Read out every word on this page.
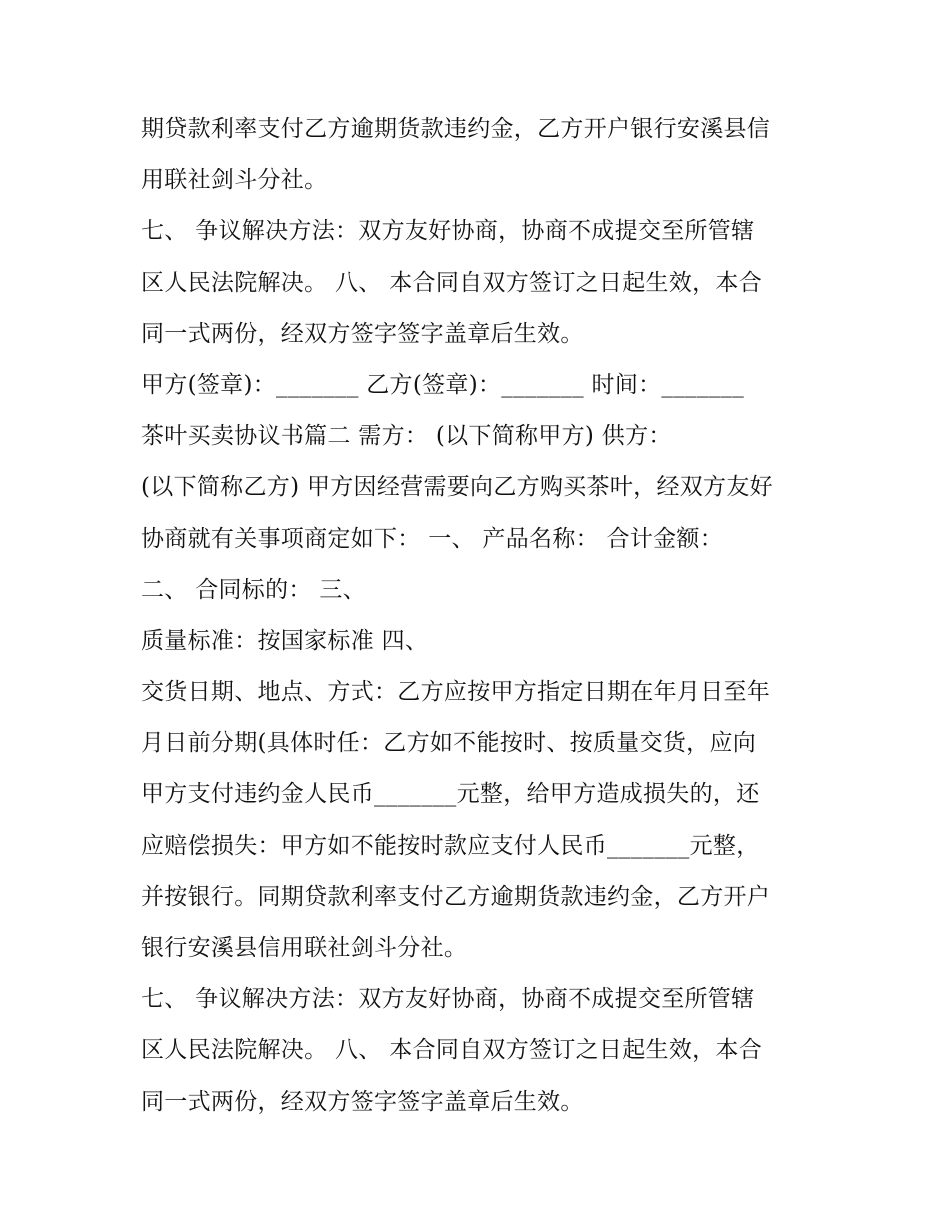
期贷款利率支付乙方逾期货款违约金，乙方开户银行安溪县信
用联社剑斗分社。
七、 争议解决方法：双方友好协商，协商不成提交至所管辖
区人民法院解决。 八、 本合同自双方签订之日起生效，本合
同一式两份，经双方签字签字盖章后生效。
甲方(签章)：_______ 乙方(签章)：_______ 时间：_______
茶叶买卖协议书篇二 需方： (以下简称甲方) 供方：
(以下简称乙方) 甲方因经营需要向乙方购买茶叶，经双方友好
协商就有关事项商定如下： 一、 产品名称： 合计金额：
二、 合同标的： 三、
质量标准：按国家标准 四、
交货日期、地点、方式：乙方应按甲方指定日期在年月日至年
月日前分期(具体时任：乙方如不能按时、按质量交货，应向
甲方支付违约金人民币_______元整，给甲方造成损失的，还
应赔偿损失：甲方如不能按时款应支付人民币_______元整，
并按银行。同期贷款利率支付乙方逾期货款违约金，乙方开户
银行安溪县信用联社剑斗分社。
七、 争议解决方法：双方友好协商，协商不成提交至所管辖
区人民法院解决。 八、 本合同自双方签订之日起生效，本合
同一式两份，经双方签字签字盖章后生效。
